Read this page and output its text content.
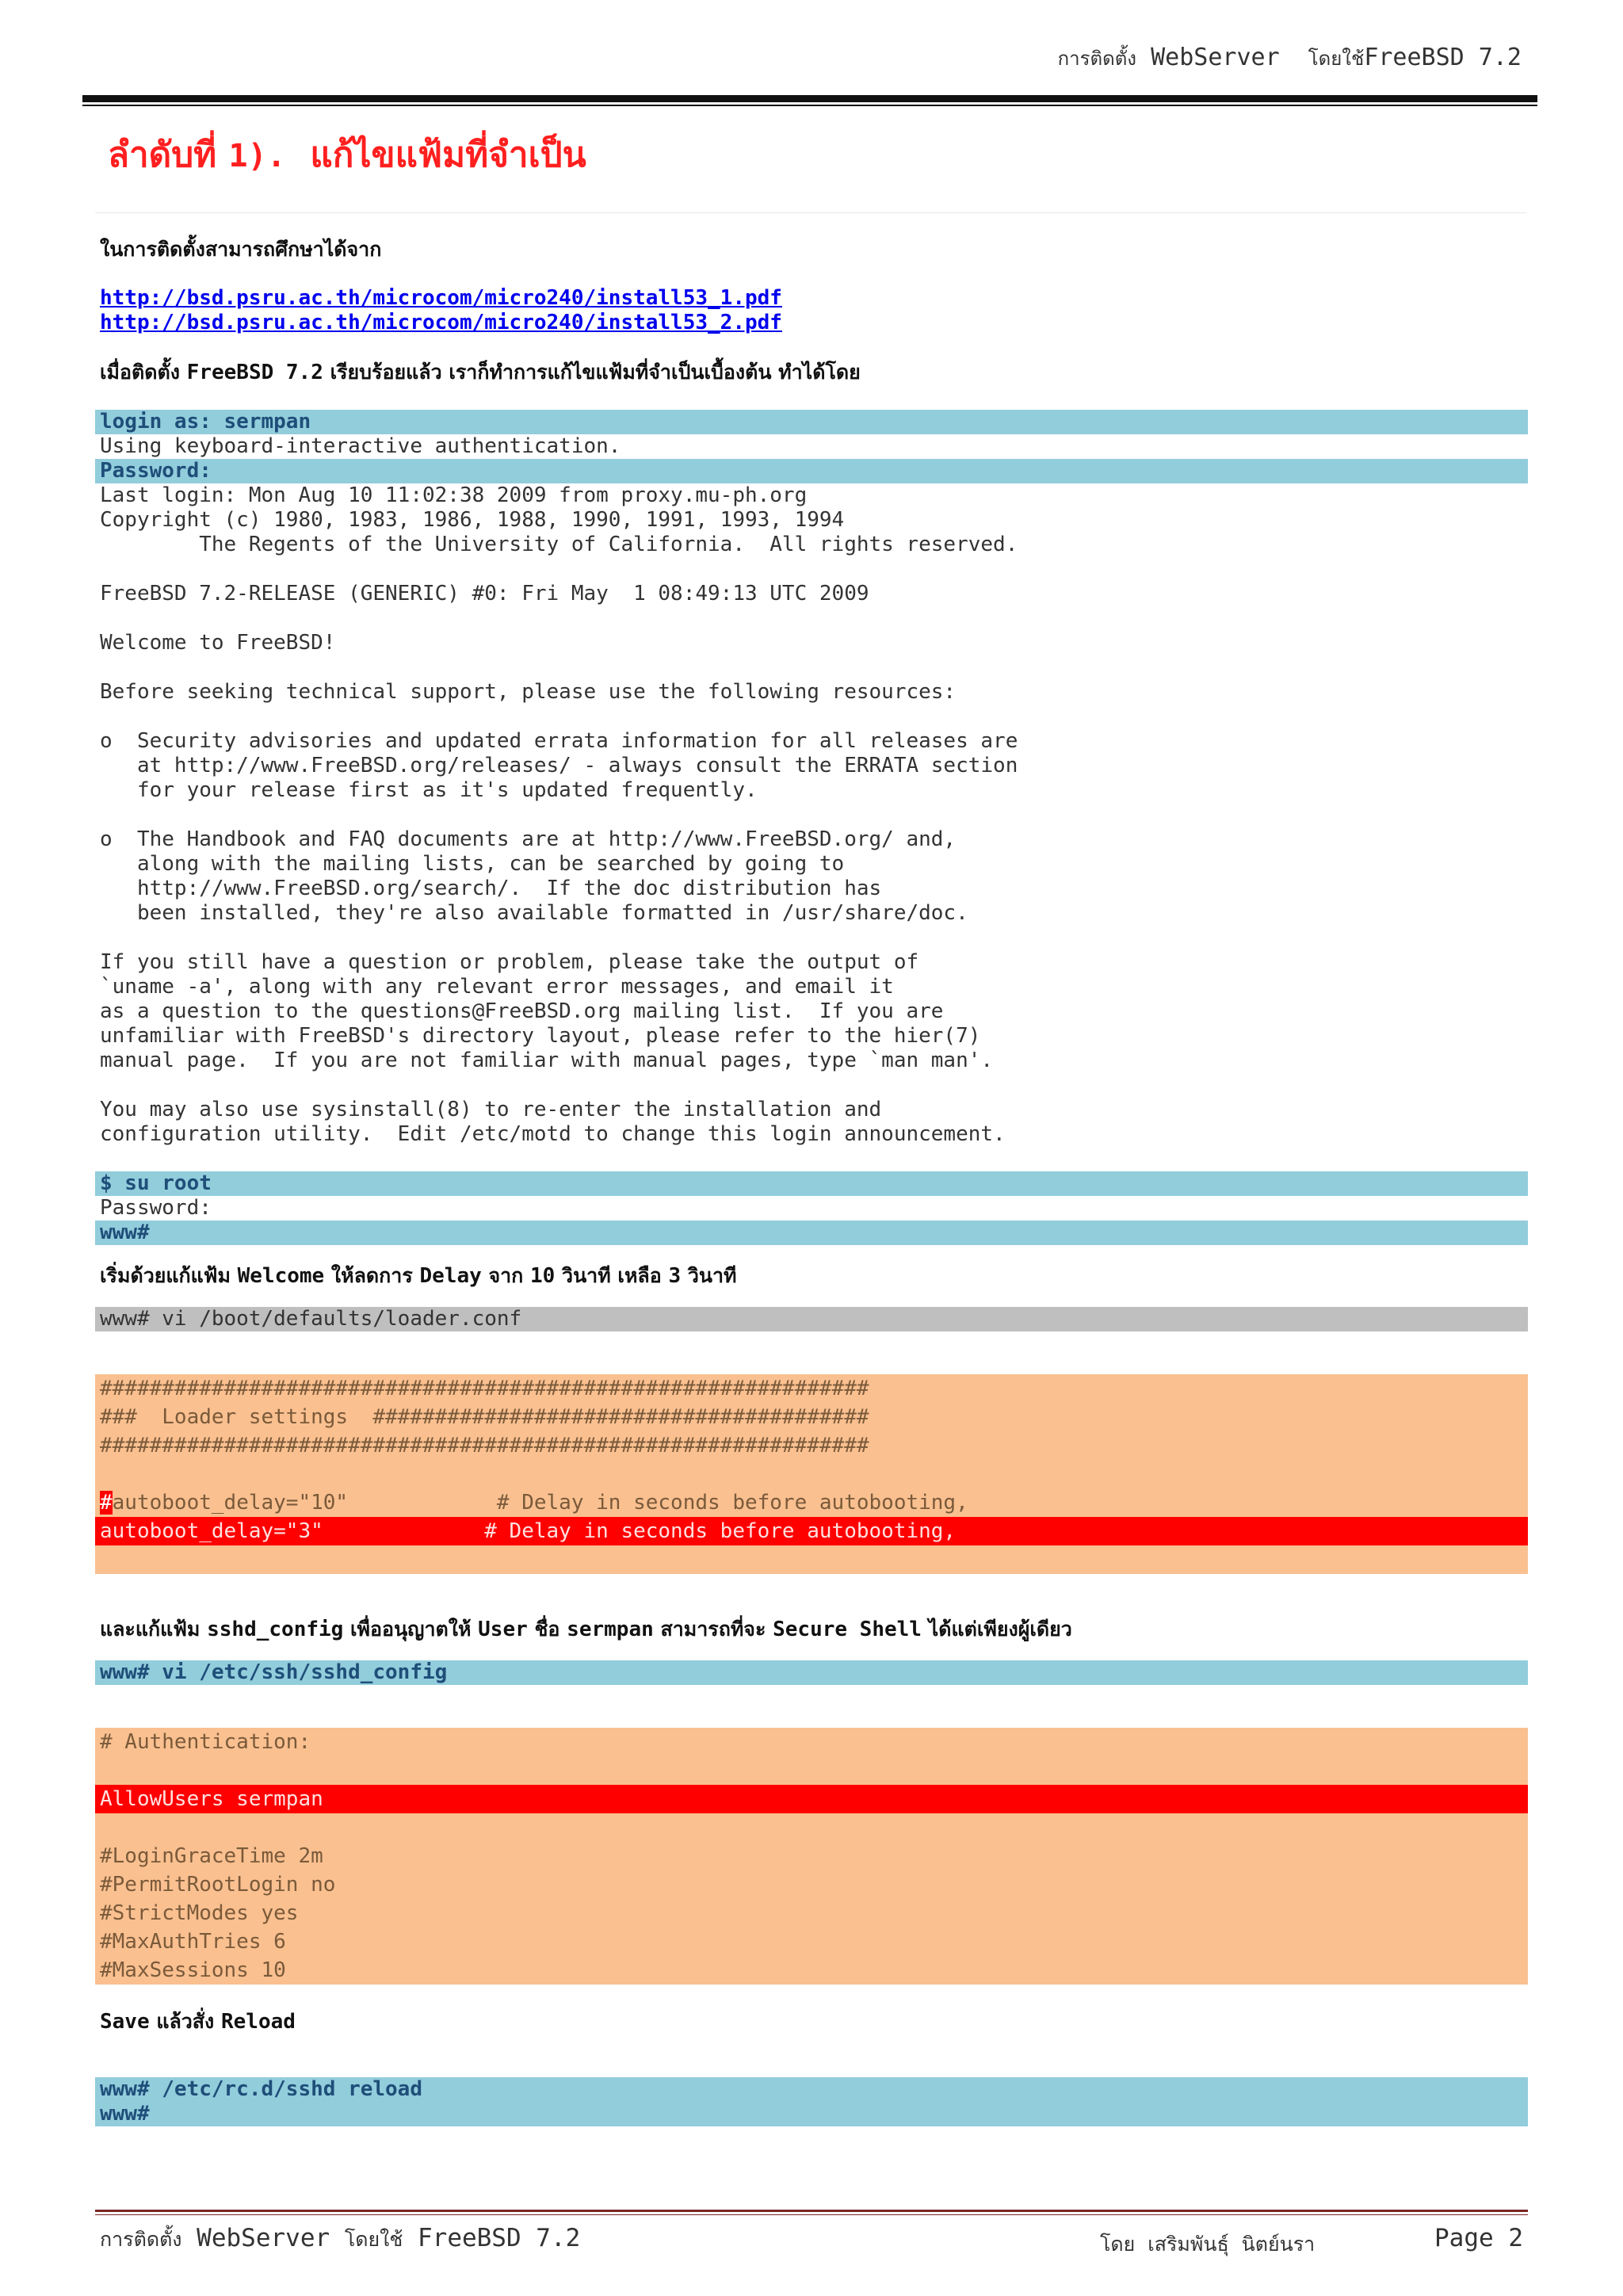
การติดตั้ง WebServer โดยใช้FreeBSD 7.2
ลำดับที่ 1). แก้ไขแฟ้มที่จำเป็น

ในการติดตั้งสามารถศึกษาได้จาก

http://bsd.psru.ac.th/microcom/micro240/install53_1.pdf

http://bsd.psru.ac.th/microcom/micro240/install53_2.pdf

เมื่อติดตั้ง FreeBSD 7.2 เรียบร้อยแล้ว เราก็ทำการแก้ไขแฟ้มที่จำเป็นเบื้องต้น ทำได้โดย

login as: sermpan

Using keyboard-interactive authentication.

Password:

Last login: Mon Aug 10 11:02:38 2009 from proxy.mu-ph.org

Copyright (c) 1980, 1983, 1986, 1988, 1990, 1991, 1993, 1994

The Regents of the University of California.  All rights reserved.

FreeBSD 7.2-RELEASE (GENERIC) #0: Fri May  1 08:49:13 UTC 2009

Welcome to FreeBSD!

Before seeking technical support, please use the following resources:

o  Security advisories and updated errata information for all releases are

at http://www.FreeBSD.org/releases/ - always consult the ERRATA section

for your release first as it's updated frequently.

o  The Handbook and FAQ documents are at http://www.FreeBSD.org/ and,

along with the mailing lists, can be searched by going to

http://www.FreeBSD.org/search/.  If the doc distribution has

been installed, they're also available formatted in /usr/share/doc.

If you still have a question or problem, please take the output of

`uname -a', along with any relevant error messages, and email it

as a question to the questions@FreeBSD.org mailing list.  If you are

unfamiliar with FreeBSD's directory layout, please refer to the hier(7)

manual page.  If you are not familiar with manual pages, type `man man'.

You may also use sysinstall(8) to re-enter the installation and

configuration utility.  Edit /etc/motd to change this login announcement.

$ su root

Password:

www#

เริ่มด้วยแก้แฟ้ม Welcome ให้ลดการ Delay จาก 10 วินาที เหลือ 3 วินาที

www# vi /boot/defaults/loader.conf

##############################################################

###  Loader settings  ########################################

##############################################################

#autoboot_delay="10"            # Delay in seconds before autobooting,

autoboot_delay="3"             # Delay in seconds before autobooting,

และแก้แฟ้ม sshd_config เพื่ออนุญาตให้ User ชื่อ sermpan สามารถที่จะ Secure Shell ได้แต่เพียงผู้เดียว

www# vi /etc/ssh/sshd_config

# Authentication:

AllowUsers sermpan

#LoginGraceTime 2m

#PermitRootLogin no

#StrictModes yes

#MaxAuthTries 6

#MaxSessions 10

Save แล้วสั่ง Reload

www# /etc/rc.d/sshd reload

www#

การติดตั้ง WebServer โดยใช้ FreeBSD 7.2	โดย  เสริมพันธุ์  นิตย์นรา	Page 2
